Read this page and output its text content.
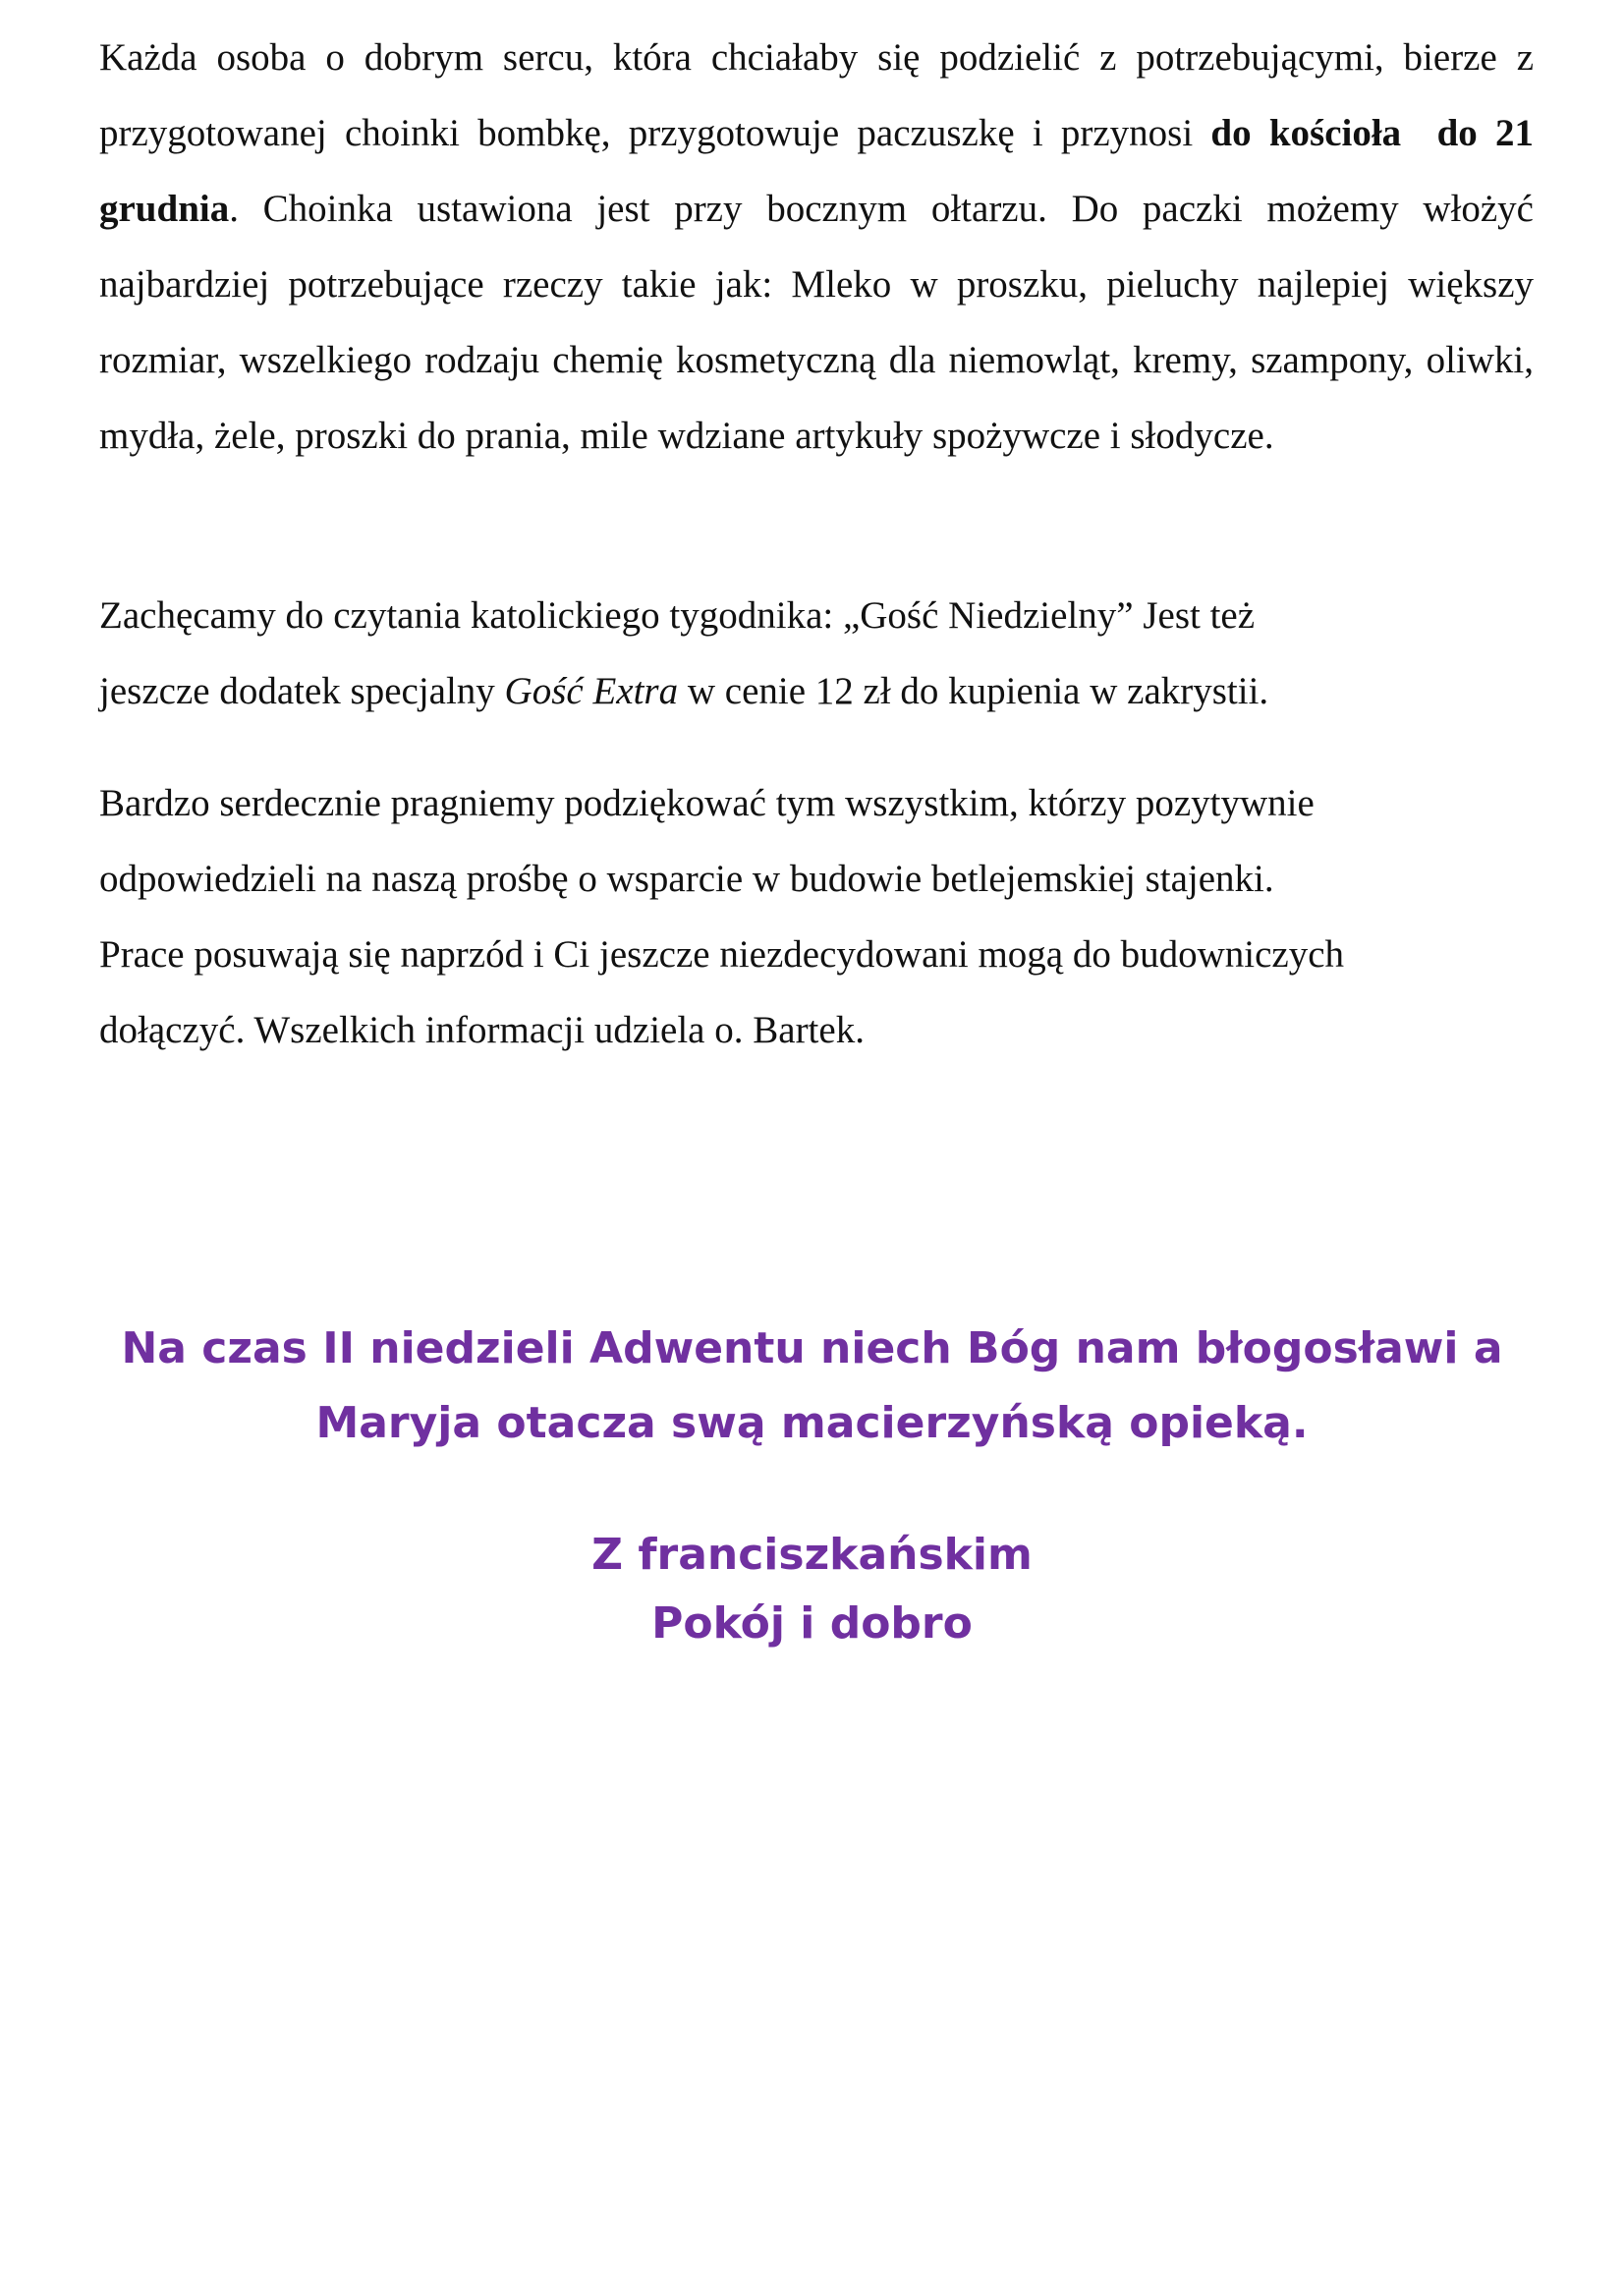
Każda osoba o dobrym sercu, która chciałaby się podzielić z potrzebującymi, bierze z przygotowanej choinki bombkę, przygotowuje paczuszkę i przynosi do kościoła do 21 grudnia. Choinka ustawiona jest przy bocznym ołtarzu. Do paczki możemy włożyć najbardziej potrzebujące rzeczy takie jak: Mleko w proszku, pieluchy najlepiej większy rozmiar, wszelkiego rodzaju chemię kosmetyczną dla niemowląt, kremy, szampony, oliwki, mydła, żele, proszki do prania, mile wdziane artykuły spożywcze i słodycze.

Zachęcamy do czytania katolickiego tygodnika: „Gość Niedzielny” Jest też
jeszcze dodatek specjalny Gość Extra w cenie 12 zł do kupienia w zakrystii.

Bardzo serdecznie pragniemy podziękować tym wszystkim, którzy pozytywnie
odpowiedzieli na naszą prośbę o wsparcie w budowie betlejemskiej stajenki.
Prace posuwają się naprzód i Ci jeszcze niezdecydowani mogą do budowniczych
dołączyć. Wszelkich informacji udziela o. Bartek.

Na czas II niedzieli Adwentu niech Bóg nam błogosławi a
Maryja otacza swą macierzyńską opieką.

Z franciszkańskim
Pokój i dobro
